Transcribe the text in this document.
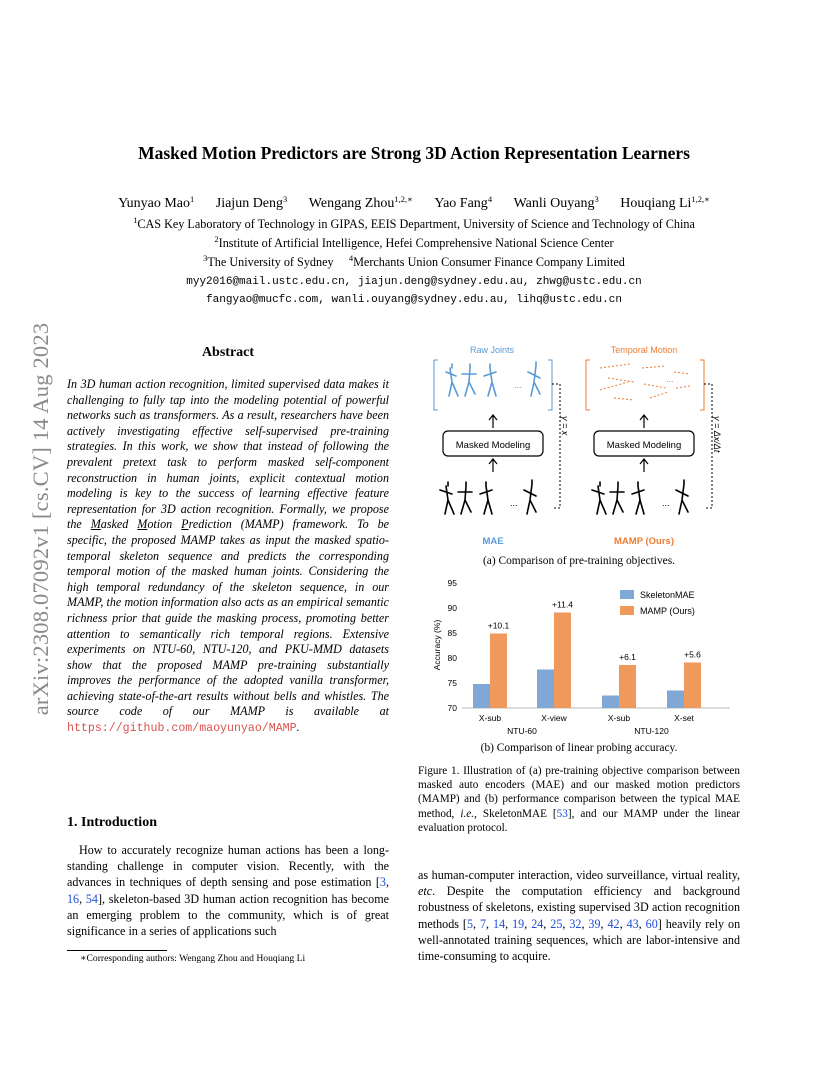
arXiv:2308.07092v1 [cs.CV] 14 Aug 2023
Masked Motion Predictors are Strong 3D Action Representation Learners
Yunyao Mao$^1$ Jiajun Deng$^3$ Wengang Zhou$^{1,2,∗}$ Yao Fang$^4$ Wanli Ouyang$^3$ Houqiang $Li^{1,2,∗}$
$^1$CAS Key Laboratory of Technology in GIPAS, EEIS Department, University of Science and Technology of China
$^2$Institute of Artificial Intelligence, Hefei Comprehensive National Science Center
$^3$The University of Sydney $^4$Merchants Union Consumer Finance Company Limited
myy2016@mail.ustc.edu.cn, jiajun.deng@sydney.edu.au, zhwg@ustc.edu.cn
fangyao@mucfc.com, wanli.ouyang@sydney.edu.au, lihq@ustc.edu.cn
Abstract
In 3D human action recognition, limited supervised data makes it challenging to fully tap into the modeling potential of powerful networks such as transformers. As a result, researchers have been actively investigating effective self-supervised pre-training strategies. In this work, we show that instead of following the prevalent pretext task to perform masked self-component reconstruction in human joints, explicit contextual motion modeling is key to the success of learning effective feature representation for 3D action recognition. Formally, we propose the Masked Motion Prediction (MAMP) framework. To be specific, the proposed MAMP takes as input the masked spatio-temporal skeleton sequence and predicts the corresponding temporal motion of the masked human joints. Considering the high temporal redundancy of the skeleton sequence, in our MAMP, the motion information also acts as an empirical semantic richness prior that guide the masking process, promoting better attention to semantically rich temporal regions. Extensive experiments on NTU-60, NTU-120, and PKU-MMD datasets show that the proposed MAMP pre-training substantially improves the performance of the adopted vanilla transformer, achieving state-of-the-art results without bells and whistles. The source code of our MAMP is available at https://github.com/maoyunyao/MAMP.
1. Introduction
How to accurately recognize human actions has been a long-standing challenge in computer vision. Recently, with the advances in techniques of depth sensing and pose estimation [3, 16, 54], skeleton-based 3D human action recognition has become an emerging problem to the community, which is of great significance in a series of applications such
∗Corresponding authors: Wengang Zhou and Houqiang Li
Raw Joints	Temporal Motion
...
...
Masked Modeling	Masked Modeling
y = x	y = Δx/Δt
...	...
MAE	MAMP (Ours)
(a) Comparison of pre-training objectives.
70
75
80
85
90
95
+10.1
+11.4
+6.1	+5.6
X-sub	X-view	X-sub	X-set
NTU-60	NTU-120
Accuracy (%)
SkeletonMAE
MAMP (Ours)
(b) Comparison of linear probing accuracy.
Figure 1. Illustration of (a) pre-training objective comparison between masked auto encoders (MAE) and our masked motion predictors (MAMP) and (b) performance comparison between the typical MAE method, i.e., SkeletonMAE [53], and our MAMP under the linear evaluation protocol.
as human-computer interaction, video surveillance, virtual reality, etc. Despite the computation efficiency and background robustness of skeletons, existing supervised 3D action recognition methods [5, 7, 14, 19, 24, 25, 32, 39, 42, 43, 60] heavily rely on well-annotated training sequences, which are labor-intensive and time-consuming to acquire.
